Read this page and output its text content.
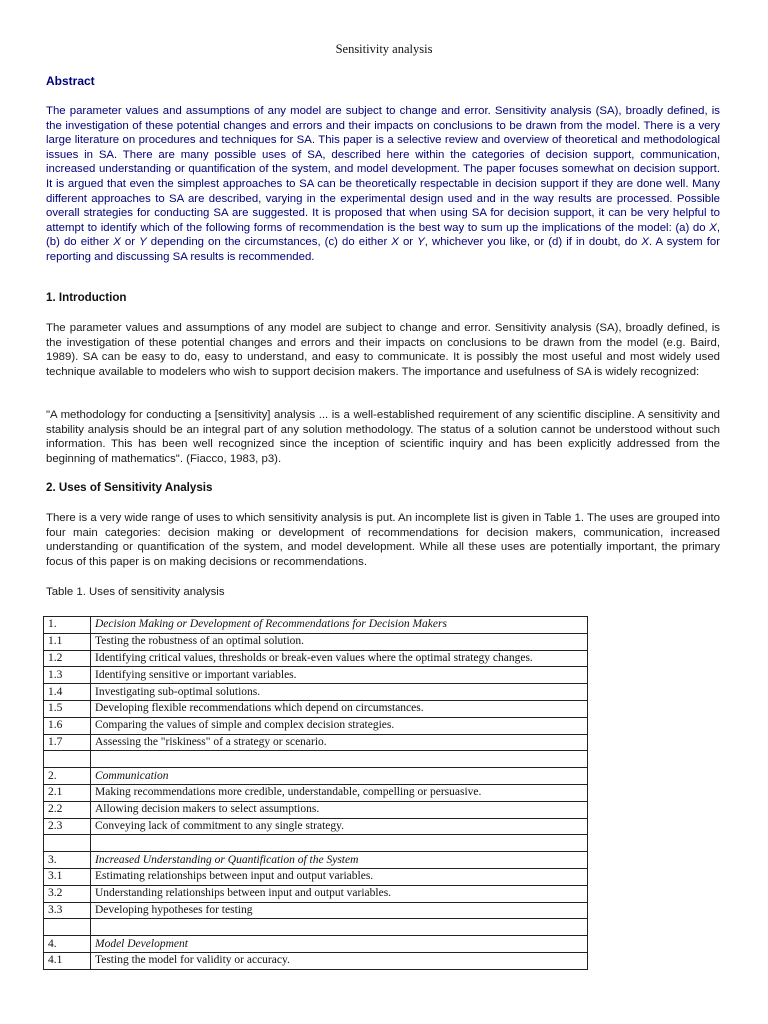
Sensitivity analysis
Abstract

The parameter values and assumptions of any model are subject to change and error. Sensitivity analysis (SA), broadly defined, is the investigation of these potential changes and errors and their impacts on conclusions to be drawn from the model. There is a very large literature on procedures and techniques for SA. This paper is a selective review and overview of theoretical and methodological issues in SA. There are many possible uses of SA, described here within the categories of decision support, communication, increased understanding or quantification of the system, and model development. The paper focuses somewhat on decision support. It is argued that even the simplest approaches to SA can be theoretically respectable in decision support if they are done well. Many different approaches to SA are described, varying in the experimental design used and in the way results are processed. Possible overall strategies for conducting SA are suggested. It is proposed that when using SA for decision support, it can be very helpful to attempt to identify which of the following forms of recommendation is the best way to sum up the implications of the model: (a) do X, (b) do either X or Y depending on the circumstances, (c) do either X or Y, whichever you like, or (d) if in doubt, do X. A system for reporting and discussing SA results is recommended.

1. Introduction

The parameter values and assumptions of any model are subject to change and error. Sensitivity analysis (SA), broadly defined, is the investigation of these potential changes and errors and their impacts on conclusions to be drawn from the model (e.g. Baird, 1989). SA can be easy to do, easy to understand, and easy to communicate. It is possibly the most useful and most widely used technique available to modelers who wish to support decision makers. The importance and usefulness of SA is widely recognized:

"A methodology for conducting a [sensitivity] analysis ... is a well-established requirement of any scientific discipline. A sensitivity and stability analysis should be an integral part of any solution methodology. The status of a solution cannot be understood without such information. This has been well recognized since the inception of scientific inquiry and has been explicitly addressed from the beginning of mathematics". (Fiacco, 1983, p3).

2. Uses of Sensitivity Analysis

There is a very wide range of uses to which sensitivity analysis is put. An incomplete list is given in Table 1. The uses are grouped into four main categories: decision making or development of recommendations for decision makers, communication, increased understanding or quantification of the system, and model development. While all these uses are potentially important, the primary focus of this paper is on making decisions or recommendations.

Table 1. Uses of sensitivity analysis
1.	Decision Making or Development of Recommendations for Decision Makers
1.1	Testing the robustness of an optimal solution.
1.2	Identifying critical values, thresholds or break-even values where the optimal strategy changes.
1.3	Identifying sensitive or important variables.
1.4	Investigating sub-optimal solutions.
1.5	Developing flexible recommendations which depend on circumstances.
1.6	Comparing the values of simple and complex decision strategies.
1.7	Assessing the "riskiness" of a strategy or scenario.

2.	Communication
2.1	Making recommendations more credible, understandable, compelling or persuasive.
2.2	Allowing decision makers to select assumptions.
2.3	Conveying lack of commitment to any single strategy.

3.	Increased Understanding or Quantification of the System
3.1	Estimating relationships between input and output variables.
3.2	Understanding relationships between input and output variables.
3.3	Developing hypotheses for testing

4.	Model Development
4.1	Testing the model for validity or accuracy.
